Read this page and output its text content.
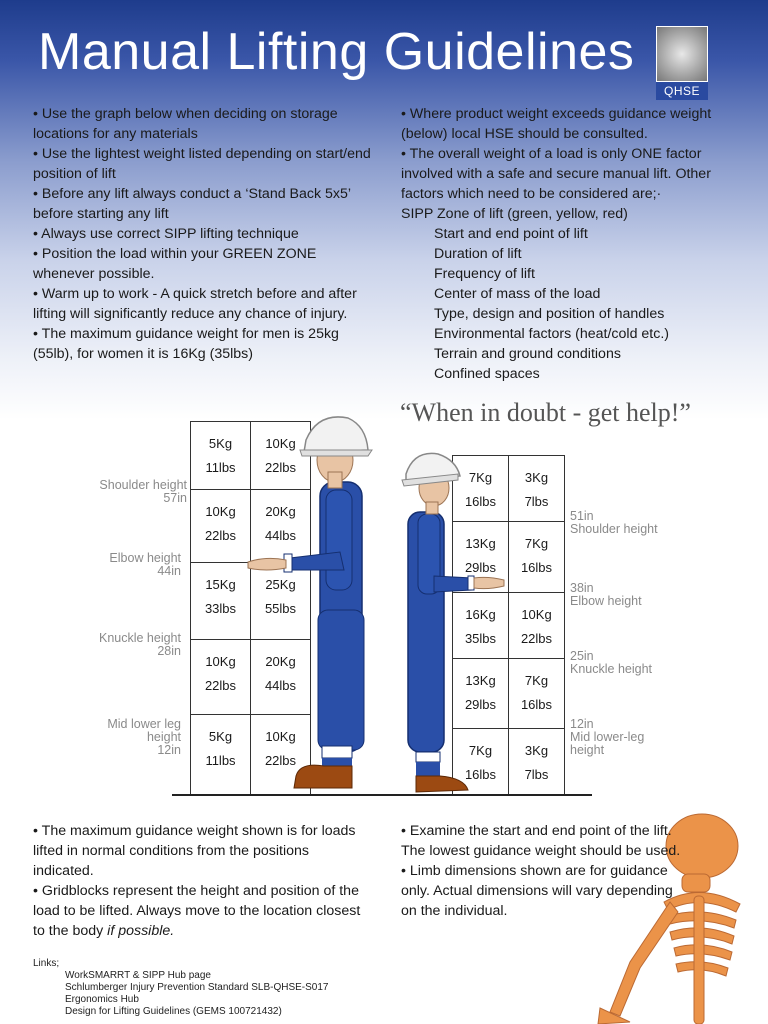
Manual Lifting Guidelines
QHSE

• Use the graph below when deciding on storage locations for any materials

• Use the lightest weight listed depending on start/end position of lift

• Before any lift always conduct a ‘Stand Back 5x5’ before starting any lift

• Always use correct SIPP lifting technique

• Position the load within your GREEN ZONE whenever possible.

• Warm up to work - A quick stretch before and after lifting will significantly reduce any chance of injury.

• The maximum guidance weight for men is 25kg (55lb), for women it is 16Kg (35lbs)

• Where product weight exceeds guidance weight (below) local HSE should be consulted.

• The overall weight of a load is only ONE factor involved with a safe and secure manual lift. Other factors which need to be considered are;·

SIPP Zone of lift (green, yellow, red)

Start and end point of lift

Duration of lift

Frequency of lift

Center of mass of the load

Type, design and position of handles

Environmental factors (heat/cold etc.)

Terrain and ground conditions

Confined spaces

“When in doubt - get help!”
5Kg
11lbs
10Kg
22lbs
10Kg
22lbs
20Kg
44lbs
15Kg
33lbs
25Kg
55lbs
10Kg
22lbs
20Kg
44lbs
5Kg
11lbs
10Kg
22lbs
7Kg
16lbs
3Kg
7lbs
13Kg
29lbs
7Kg
16lbs
16Kg
35lbs
10Kg
22lbs
13Kg
29lbs
7Kg
16lbs
7Kg
16lbs
3Kg
7lbs
Shoulder height
57in
Elbow height
44in
Knuckle height
28in
Mid lower leg height
12in
51in
Shoulder height
38in
Elbow height
25in
Knuckle height
12in
Mid lower-leg height

• The maximum guidance weight shown is for loads lifted in normal conditions from the positions indicated.

• Gridblocks represent the height and position of the load to be lifted. Always move to the location closest to the body if possible.

• Examine the start and end point of the lift. The lowest guidance weight should be used.

• Limb dimensions shown are for guidance only. Actual dimensions will vary depending on the individual.

Links;
WorkSMARRT & SIPP Hub page
Schlumberger Injury Prevention Standard SLB-QHSE-S017
Ergonomics Hub
Design for Lifting Guidelines (GEMS 100721432)
